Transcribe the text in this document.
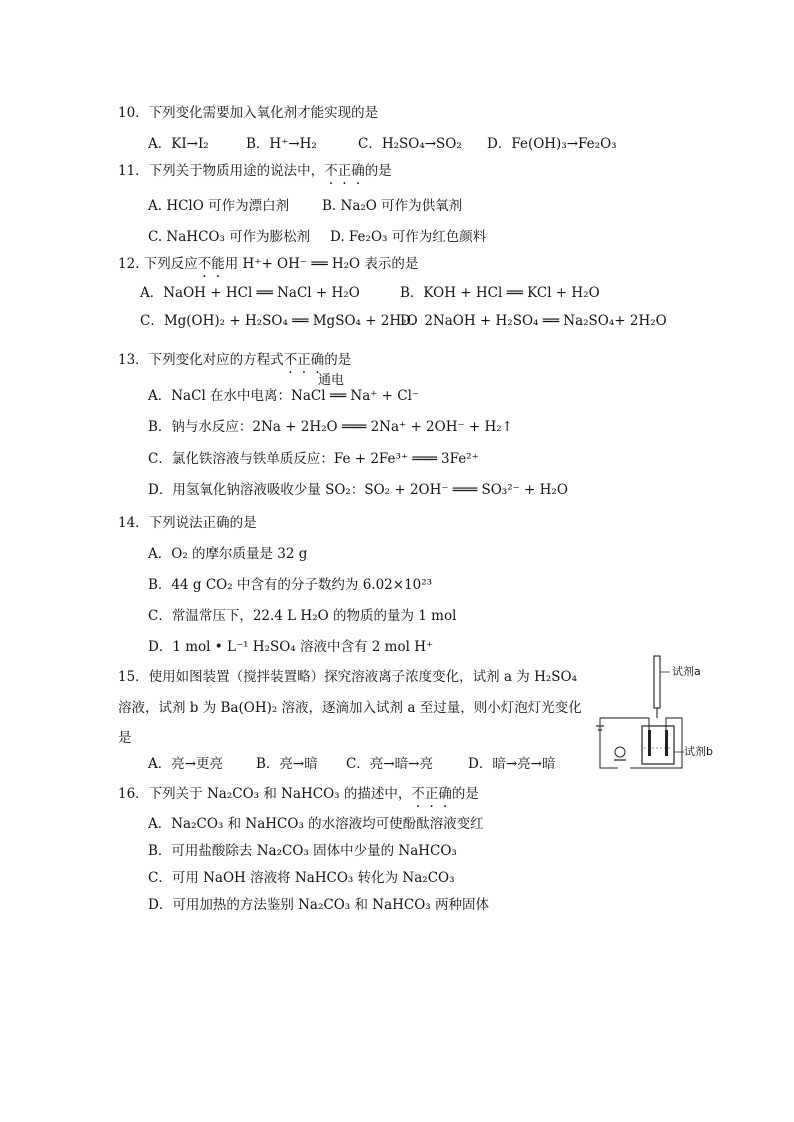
10．下列变化需要加入氧化剂才能实现的是
A．KI→I₂	B．H⁺→H₂	C．H₂SO₄→SO₂ D．Fe(OH)₃→Fe₂O₃
11．下列关于物质用途的说法中，不正确的是
A. HClO 可作为漂白剂 B. Na₂O 可作为供氧剂
C. NaHCO₃ 可作为膨松剂 D. Fe₂O₃ 可作为红色颜料
12. 下列反应不能用 H⁺+ OH⁻ ══ H₂O 表示的是
A．NaOH + HCl ══ NaCl + H₂O	B．KOH + HCl ══ KCl + H₂O
C．Mg(OH)₂ + H₂SO₄ ══ MgSO₄ + 2H₂O
D．2NaOH + H₂SO₄ ══ Na₂SO₄+ 2H₂O
13．下列变化对应的方程式不正确的是
通电
A．NaCl 在水中电离：NaCl ══ Na⁺ + Cl⁻
B．钠与水反应：2Na + 2H₂O ═══ 2Na⁺ + 2OH⁻ + H₂↑
C．氯化铁溶液与铁单质反应：Fe + 2Fe³⁺ ═══ 3Fe²⁺
D．用氢氧化钠溶液吸收少量 SO₂：SO₂ + 2OH⁻ ═══ SO₃²⁻ + H₂O
14．下列说法正确的是
A．O₂ 的摩尔质量是 32 g
B．44 g CO₂ 中含有的分子数约为 6.02×10²³
C．常温常压下，22.4 L H₂O 的物质的量为 1 mol
D．1 mol • L⁻¹ H₂SO₄ 溶液中含有 2 mol H⁺
15．使用如图装置（搅拌装置略）探究溶液离子浓度变化，试剂 a 为 H₂SO₄
溶液，试剂 b 为 Ba(OH)₂ 溶液，逐滴加入试剂 a 至过量，则小灯泡灯光变化
是
A．亮→更亮 B．亮→暗 C．亮→暗→亮	D．暗→亮→暗
试剂a
试剂b
16．下列关于 Na₂CO₃ 和 NaHCO₃ 的描述中，不正确的是
A．Na₂CO₃ 和 NaHCO₃ 的水溶液均可使酚酞溶液变红
B．可用盐酸除去 Na₂CO₃ 固体中少量的 NaHCO₃
C．可用 NaOH 溶液将 NaHCO₃ 转化为 Na₂CO₃
D．可用加热的方法鉴别 Na₂CO₃ 和 NaHCO₃ 两种固体
